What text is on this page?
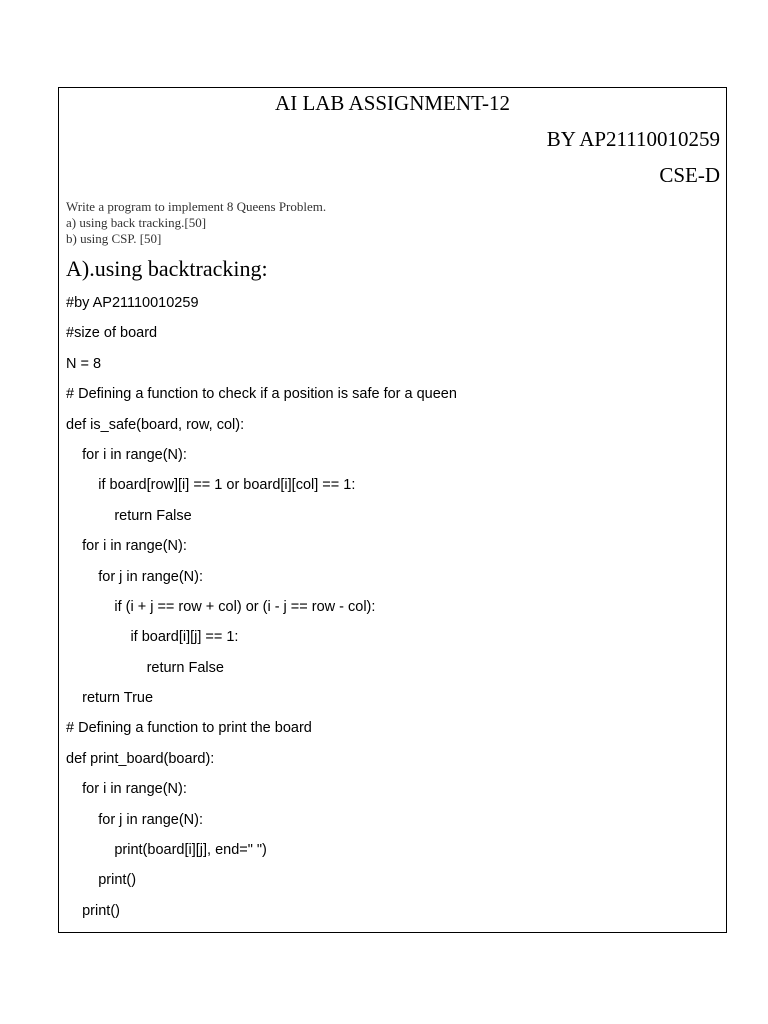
AI LAB ASSIGNMENT-12
BY AP21110010259
CSE-D
Write a program to implement 8 Queens Problem.
a) using back tracking.[50]
b) using CSP. [50]
A).using backtracking:
#by AP21110010259
#size of board
N = 8
# Defining a function to check if a position is safe for a queen
def is_safe(board, row, col):
for i in range(N):
if board[row][i] == 1 or board[i][col] == 1:
return False
for i in range(N):
for j in range(N):
if (i + j == row + col) or (i - j == row - col):
if board[i][j] == 1:
return False
return True
# Defining a function to print the board
def print_board(board):
for i in range(N):
for j in range(N):
print(board[i][j], end=" ")
print()
print()
